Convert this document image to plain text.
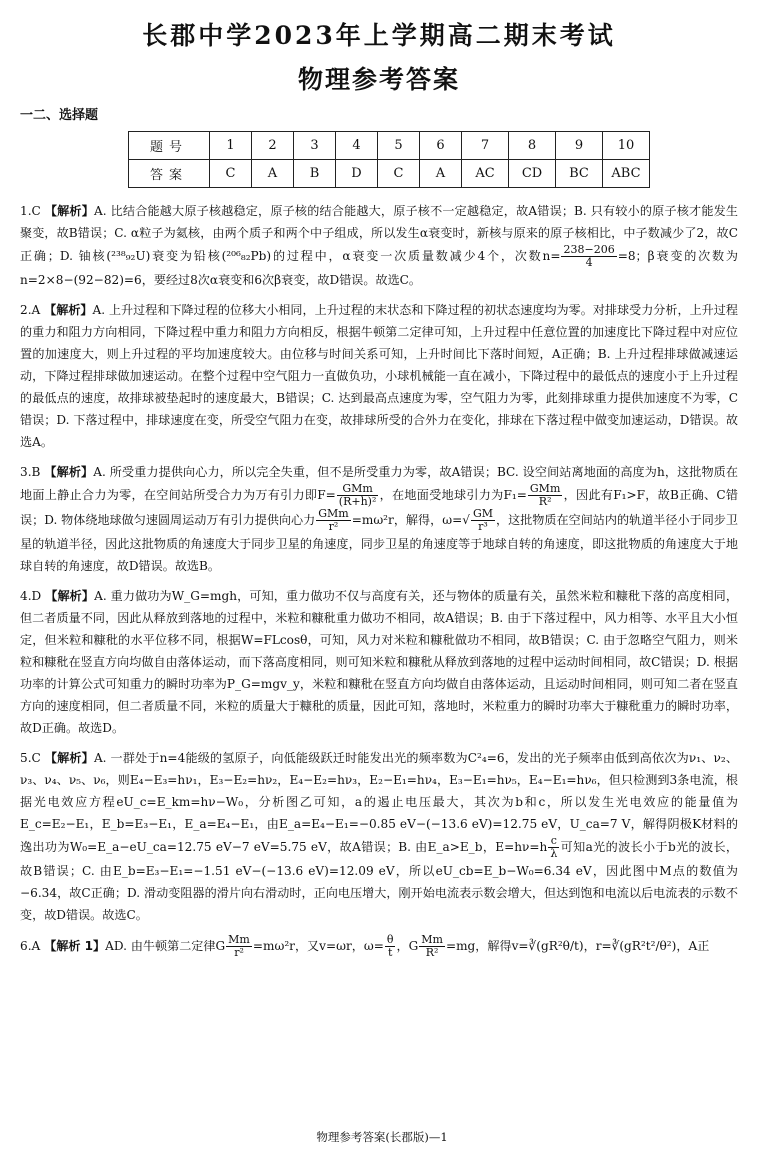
长郡中学2023年上学期高二期末考试
物理参考答案
一二、选择题
题号	1	2	3	4	5	6	7	8	9	10
答案	C	A	B	D	C	A	AC	CD	BC	ABC

1.C 【解析】A. 比结合能越大原子核越稳定，原子核的结合能越大，原子核不一定越稳定，故A错误；B. 只有较小的原子核才能发生聚变，故B错误；C. α粒子为氦核，由两个质子和两个中子组成，所以发生α衰变时，新核与原来的原子核相比，中子数减少了2，故C正确；D. 铀核(²³⁸₉₂U)衰变为铅核(²⁰⁶₈₂Pb)的过程中，α衰变一次质量数减少4个，次数$n= \frac{238-206}{4} =8$；β衰变的次数为n=2×8−(92−82)=6，要经过8次α衰变和6次β衰变，故D错误。故选C。

2.A 【解析】A. 上升过程和下降过程的位移大小相同，上升过程的末状态和下降过程的初状态速度均为零。对排球受力分析，上升过程的重力和阻力方向相同，下降过程中重力和阻力方向相反，根据牛顿第二定律可知，上升过程中任意位置的加速度比下降过程中对应位置的加速度大，则上升过程的平均加速度较大。由位移与时间关系可知，上升时间比下落时间短，A正确；B. 上升过程排球做减速运动，下降过程排球做加速运动。在整个过程中空气阻力一直做负功，小球机械能一直在减小，下降过程中的最低点的速度小于上升过程的最低点的速度，故排球被垫起时的速度最大，B错误；C. 达到最高点速度为零，空气阻力为零，此刻排球重力提供加速度不为零，C错误；D. 下落过程中，排球速度在变，所受空气阻力在变，故排球所受的合外力在变化，排球在下落过程中做变加速运动，D错误。故选A。

3.B 【解析】A. 所受重力提供向心力，所以完全失重，但不是所受重力为零，故A错误；BC. 设空间站离地面的高度为h，这批物质在地面上静止合力为零，在空间站所受合力为万有引力即$F= \frac{\text{GMm}}{\text{(R+h)²}}$ ，在地面受地球引力为$F_1= \frac{\text{GMm}}{\text{R²}}$ ，因此有F₁>F，故B正确、C错误；D. 物体绕地球做匀速圆周运动万有引力提供向心力 $\frac{\text{GMm}}{\text{r²}} =m\omega^2r$，解得，$\omega=√ \frac{GM}{\text{r³}}$ ，这批物质在空间站内的轨道半径小于同步卫星的轨道半径，因此这批物质的角速度大于同步卫星的角速度，同步卫星的角速度等于地球自转的角速度，即这批物质的角速度大于地球自转的角速度，故D错误。故选B。

4.D 【解析】A. 重力做功为W_G=mgh，可知，重力做功不仅与高度有关，还与物体的质量有关，虽然米粒和糠秕下落的高度相同，但二者质量不同，因此从释放到落地的过程中，米粒和糠秕重力做功不相同，故A错误；B. 由于下落过程中，风力相等、水平且大小恒定，但米粒和糠秕的水平位移不同，根据W=FLcosθ，可知，风力对米粒和糠秕做功不相同，故B错误；C. 由于忽略空气阻力，则米粒和糠秕在竖直方向均做自由落体运动，而下落高度相同，则可知米粒和糠秕从释放到落地的过程中运动时间相同，故C错误；D. 根据功率的计算公式可知重力的瞬时功率为P_G=mgv_y，米粒和糠秕在竖直方向均做自由落体运动，且运动时间相同，则可知二者在竖直方向的速度相同，但二者质量不同，米粒的质量大于糠秕的质量，因此可知，落地时，米粒重力的瞬时功率大于糠秕重力的瞬时功率，故D正确。故选D。

5.C 【解析】A. 一群处于n=4能级的氢原子，向低能级跃迁时能发出光的频率数为C²₄=6，发出的光子频率由低到高依次为ν₁、ν₂、ν₃、ν₄、ν₅、ν₆，则E₄−E₃=hν₁，E₃−E₂=hν₂，E₄−E₂=hν₃，E₂−E₁=hν₄，E₃−E₁=hν₅，E₄−E₁=hν₆，但只检测到3条电流，根据光电效应方程eU_c=E_km=hν−W₀，分析图乙可知，a的遏止电压最大，其次为b和c，所以发生光电效应的能量值为E_c=E₂−E₁，E_b=E₃−E₁，E_a=E₄−E₁，由E_a=E₄−E₁=−0.85 eV−(−13.6 eV)=12.75 eV，U_ca=7 V，解得阴极K材料的逸出功为W₀=E_a−eU_ca=12.75 eV−7 eV=5.75 eV，故A错误；B. 由E_a>E_b，$E=h\nu=h \frac{c}{\lambda}$ 可知a光的波长小于b光的波长，故B错误；C. 由E_b=E₃−E₁=−1.51 eV−(−13.6 eV)=12.09 eV，所以eU_cb=E_b−W₀=6.34 eV，因此图中M点的数值为−6.34，故C正确；D. 滑动变阻器的滑片向右滑动时，正向电压增大，刚开始电流表示数会增大，但达到饱和电流以后电流表的示数不变，故D错误。故选C。

6.A 【解析 1】AD. 由牛顿第二定律G $\frac{Mm}{\text{r²}} =m\omega^2r$，又v=ωr，$\omega= \frac{\theta}{t}$ ，G $\frac{Mm}{\text{R²}} =mg$，解得v=∛(gR²θ/t)，r=∛(gR²t²/θ²)，A正

物理参考答案(长郡版)—1
